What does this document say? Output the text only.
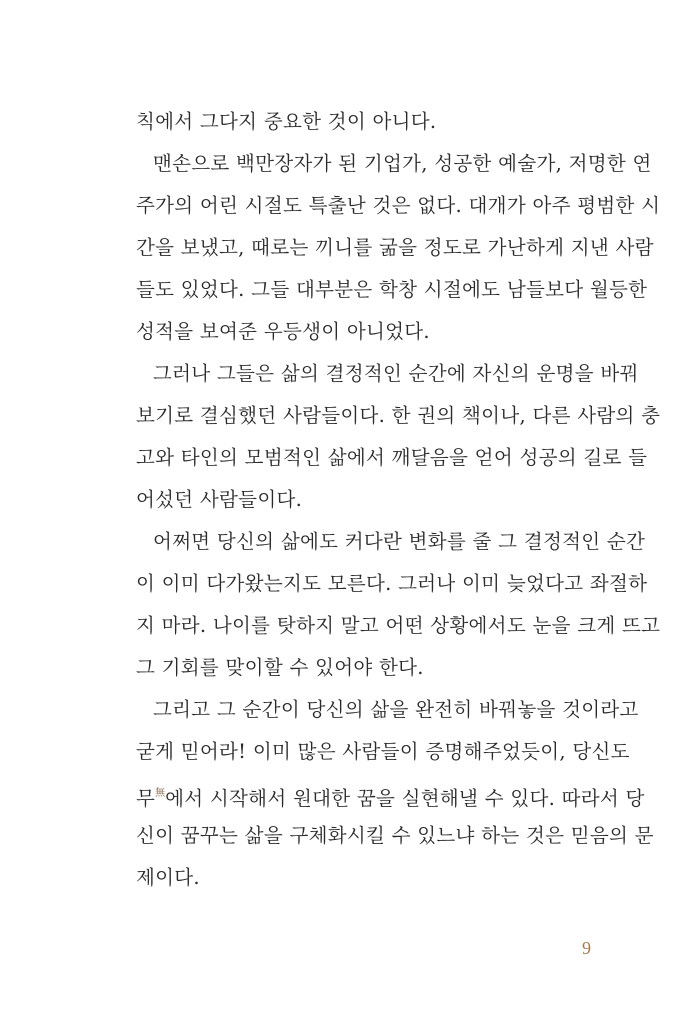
칙에서 그다지 중요한 것이 아니다.
맨손으로 백만장자가 된 기업가, 성공한 예술가, 저명한 연
주가의 어린 시절도 특출난 것은 없다. 대개가 아주 평범한 시
간을 보냈고, 때로는 끼니를 굶을 정도로 가난하게 지낸 사람
들도 있었다. 그들 대부분은 학창 시절에도 남들보다 월등한
성적을 보여준 우등생이 아니었다.
그러나 그들은 삶의 결정적인 순간에 자신의 운명을 바꿔
보기로 결심했던 사람들이다. 한 권의 책이나, 다른 사람의 충
고와 타인의 모범적인 삶에서 깨달음을 얻어 성공의 길로 들
어섰던 사람들이다.
어쩌면 당신의 삶에도 커다란 변화를 줄 그 결정적인 순간
이 이미 다가왔는지도 모른다. 그러나 이미 늦었다고 좌절하
지 마라. 나이를 탓하지 말고 어떤 상황에서도 눈을 크게 뜨고
그 기회를 맞이할 수 있어야 한다.
그리고 그 순간이 당신의 삶을 완전히 바꿔놓을 것이라고
굳게 믿어라! 이미 많은 사람들이 증명해주었듯이, 당신도
무$^無$에서 시작해서 원대한 꿈을 실현해낼 수 있다. 따라서 당
신이 꿈꾸는 삶을 구체화시킬 수 있느냐 하는 것은 믿음의 문
제이다.
9
